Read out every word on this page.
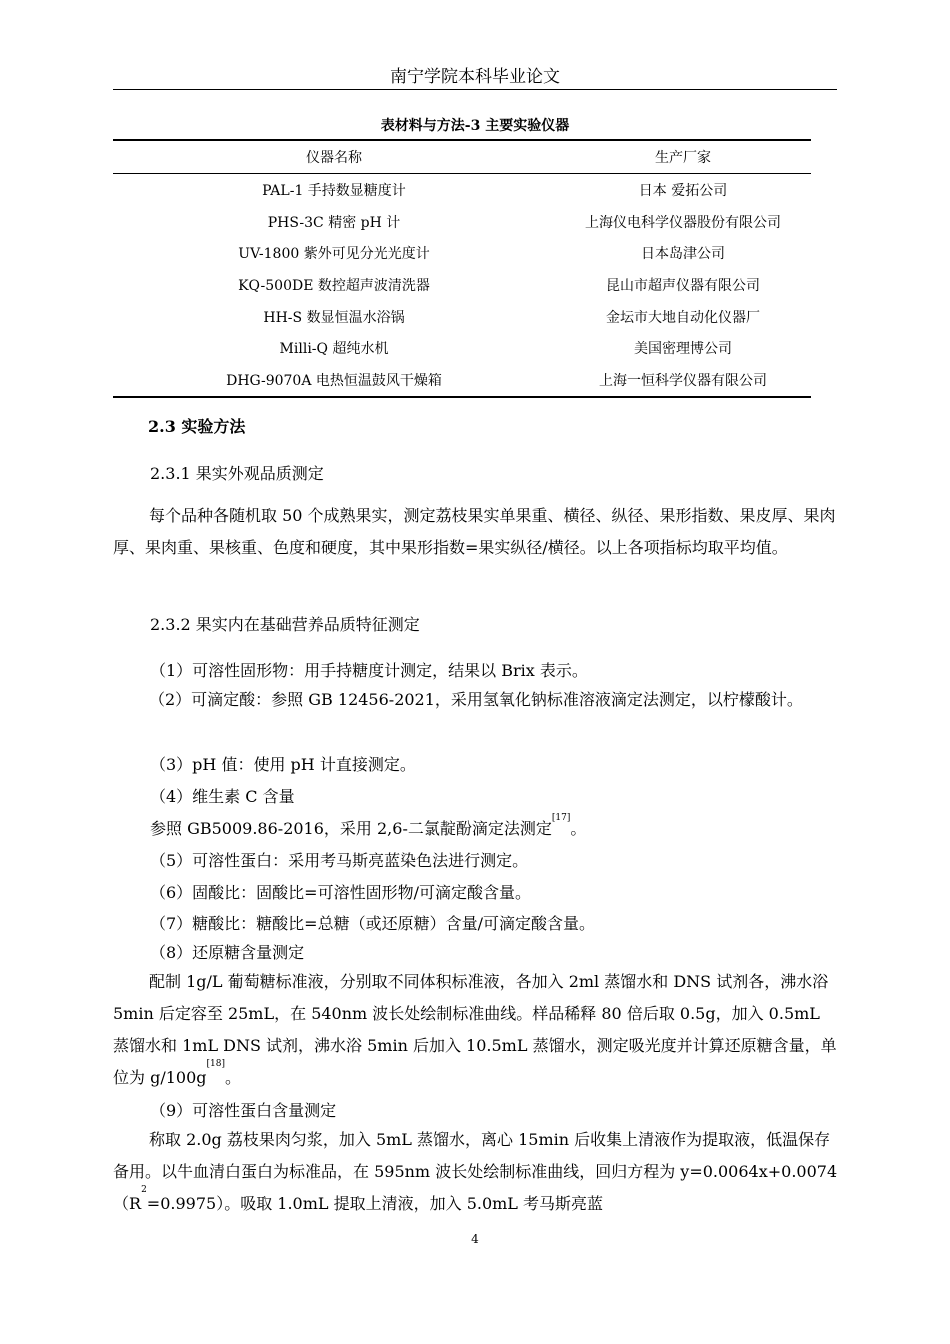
南宁学院本科毕业论文
表材料与方法-3 主要实验仪器
仪器名称	生产厂家
PAL-1 手持数显糖度计	日本 爱拓公司
PHS-3C 精密 pH 计	上海仪电科学仪器股份有限公司
UV-1800 紫外可见分光光度计	日本岛津公司
KQ-500DE 数控超声波清洗器	昆山市超声仪器有限公司
HH-S 数显恒温水浴锅	金坛市大地自动化仪器厂
Milli-Q 超纯水机	美国密理博公司
DHG-9070A 电热恒温鼓风干燥箱	上海一恒科学仪器有限公司
2.3 实验方法
2.3.1 果实外观品质测定
每个品种各随机取 50 个成熟果实，测定荔枝果实单果重、横径、纵径、果形指数、果皮厚、果肉厚、果肉重、果核重、色度和硬度，其中果形指数=果实纵径/横径。以上各项指标均取平均值。
2.3.2 果实内在基础营养品质特征测定
（1）可溶性固形物：用手持糖度计测定，结果以 Brix 表示。
（2）可滴定酸：参照 GB 12456-2021，采用氢氧化钠标准溶液滴定法测定，以柠檬酸计。
（3）pH 值：使用 pH 计直接测定。
（4）维生素 C 含量
参照 GB5009.86-2016，采用 2,6-二氯靛酚滴定法测定[17]。
（5）可溶性蛋白：采用考马斯亮蓝染色法进行测定。
（6）固酸比：固酸比=可溶性固形物/可滴定酸含量。
（7）糖酸比：糖酸比=总糖（或还原糖）含量/可滴定酸含量。
（8）还原糖含量测定
配制 1g/L 葡萄糖标准液，分别取不同体积标准液，各加入 2ml 蒸馏水和 DNS 试剂各，沸水浴 5min 后定容至 25mL，在 540nm 波长处绘制标准曲线。样品稀释 80 倍后取 0.5g，加入 0.5mL 蒸馏水和 1mL DNS 试剂，沸水浴 5min 后加入 10.5mL 蒸馏水，测定吸光度并计算还原糖含量，单位为 g/100g[18]。
（9）可溶性蛋白含量测定
称取 2.0g 荔枝果肉匀浆，加入 5mL 蒸馏水，离心 15min 后收集上清液作为提取液，低温保存备用。以牛血清白蛋白为标准品，在 595nm 波长处绘制标准曲线，回归方程为 $y=0.0064x+0.0074(R^2=0.9975)$。吸取 1.0mL 提取上清液，加入 5.0mL 考马斯亮蓝
4
